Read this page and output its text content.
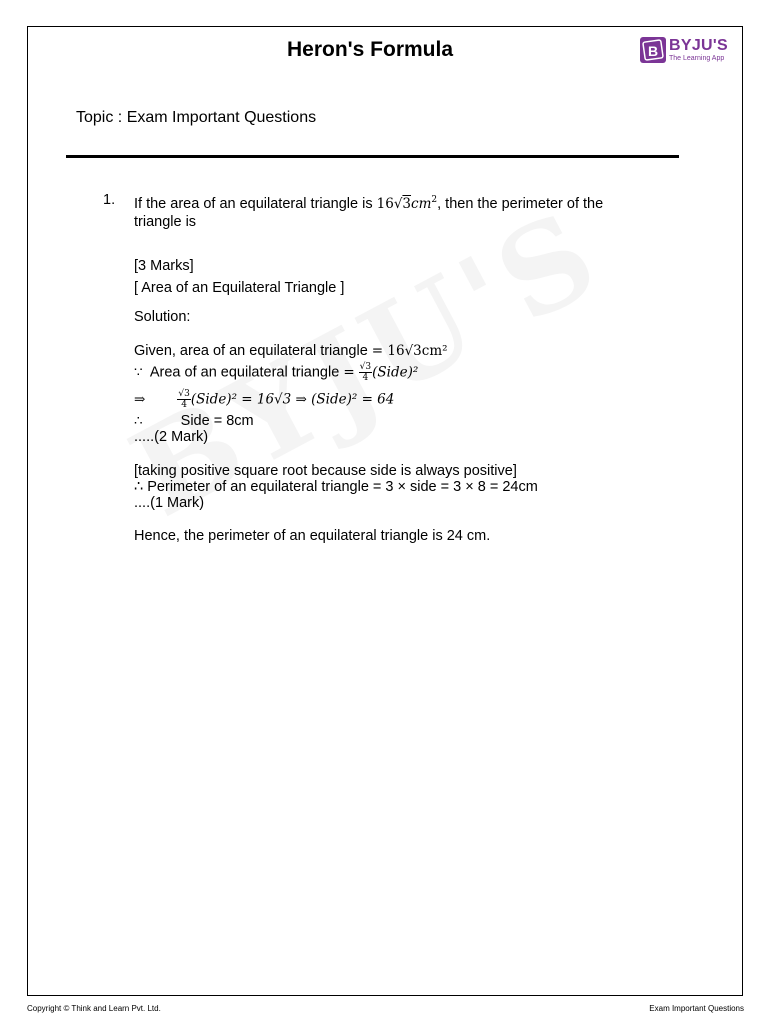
Heron's Formula	B BYJU'S
The Learning App
Topic : Exam Important Questions
1. If the area of an equilateral triangle is $16√3cm^2$, then the perimeter of the
triangle is
[3 Marks]
[ Area of an Equilateral Triangle ]
Solution:
Given, area of an equilateral triangle = 16√3cm²
∵ Area of an equilateral triangle = $\frac{√3}{4}$ (Side)²
⇒	$\frac{√3}{4}$ (Side)² = 16√3 ⇒ (Side)² = 64
∴	Side = 8cm
.....(2 Mark)
[taking positive square root because side is always positive]
∴ Perimeter of an equilateral triangle = 3 × side = 3 × 8 = 24cm
....(1 Mark)
Hence, the perimeter of an equilateral triangle is 24 cm.
Copyright © Think and Learn Pvt. Ltd.	Exam Important Questions
